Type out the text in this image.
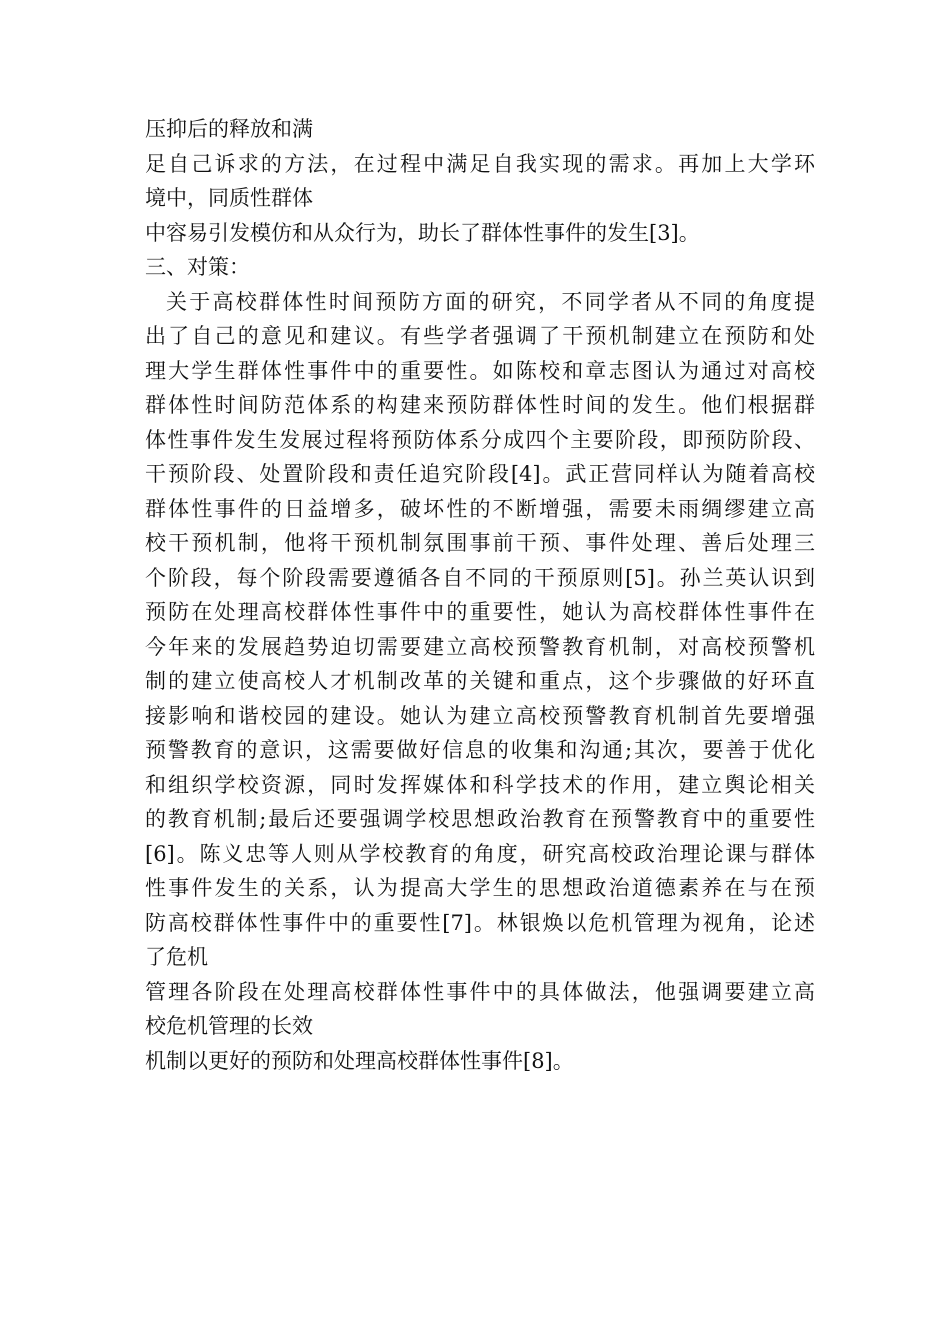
压抑后的释放和满
足自己诉求的方法，在过程中满足自我实现的需求。再加上大学环
境中，同质性群体
中容易引发模仿和从众行为，助长了群体性事件的发生[3]。
三、对策：
关于高校群体性时间预防方面的研究，不同学者从不同的角度提
出了自己的意见和建议。有些学者强调了干预机制建立在预防和处
理大学生群体性事件中的重要性。如陈校和章志图认为通过对高校
群体性时间防范体系的构建来预防群体性时间的发生。他们根据群
体性事件发生发展过程将预防体系分成四个主要阶段，即预防阶段、
干预阶段、处置阶段和责任追究阶段[4]。武正营同样认为随着高校
群体性事件的日益增多，破坏性的不断增强，需要未雨绸缪建立高
校干预机制，他将干预机制氛围事前干预、事件处理、善后处理三
个阶段，每个阶段需要遵循各自不同的干预原则[5]。孙兰英认识到
预防在处理高校群体性事件中的重要性，她认为高校群体性事件在
今年来的发展趋势迫切需要建立高校预警教育机制，对高校预警机
制的建立使高校人才机制改革的关键和重点，这个步骤做的好环直
接影响和谐校园的建设。她认为建立高校预警教育机制首先要增强
预警教育的意识，这需要做好信息的收集和沟通;其次，要善于优化
和组织学校资源，同时发挥媒体和科学技术的作用，建立舆论相关
的教育机制;最后还要强调学校思想政治教育在预警教育中的重要性
[6]。陈义忠等人则从学校教育的角度，研究高校政治理论课与群体
性事件发生的关系，认为提高大学生的思想政治道德素养在与在预
防高校群体性事件中的重要性[7]。林银焕以危机管理为视角，论述
了危机
管理各阶段在处理高校群体性事件中的具体做法，他强调要建立高
校危机管理的长效
机制以更好的预防和处理高校群体性事件[8]。
